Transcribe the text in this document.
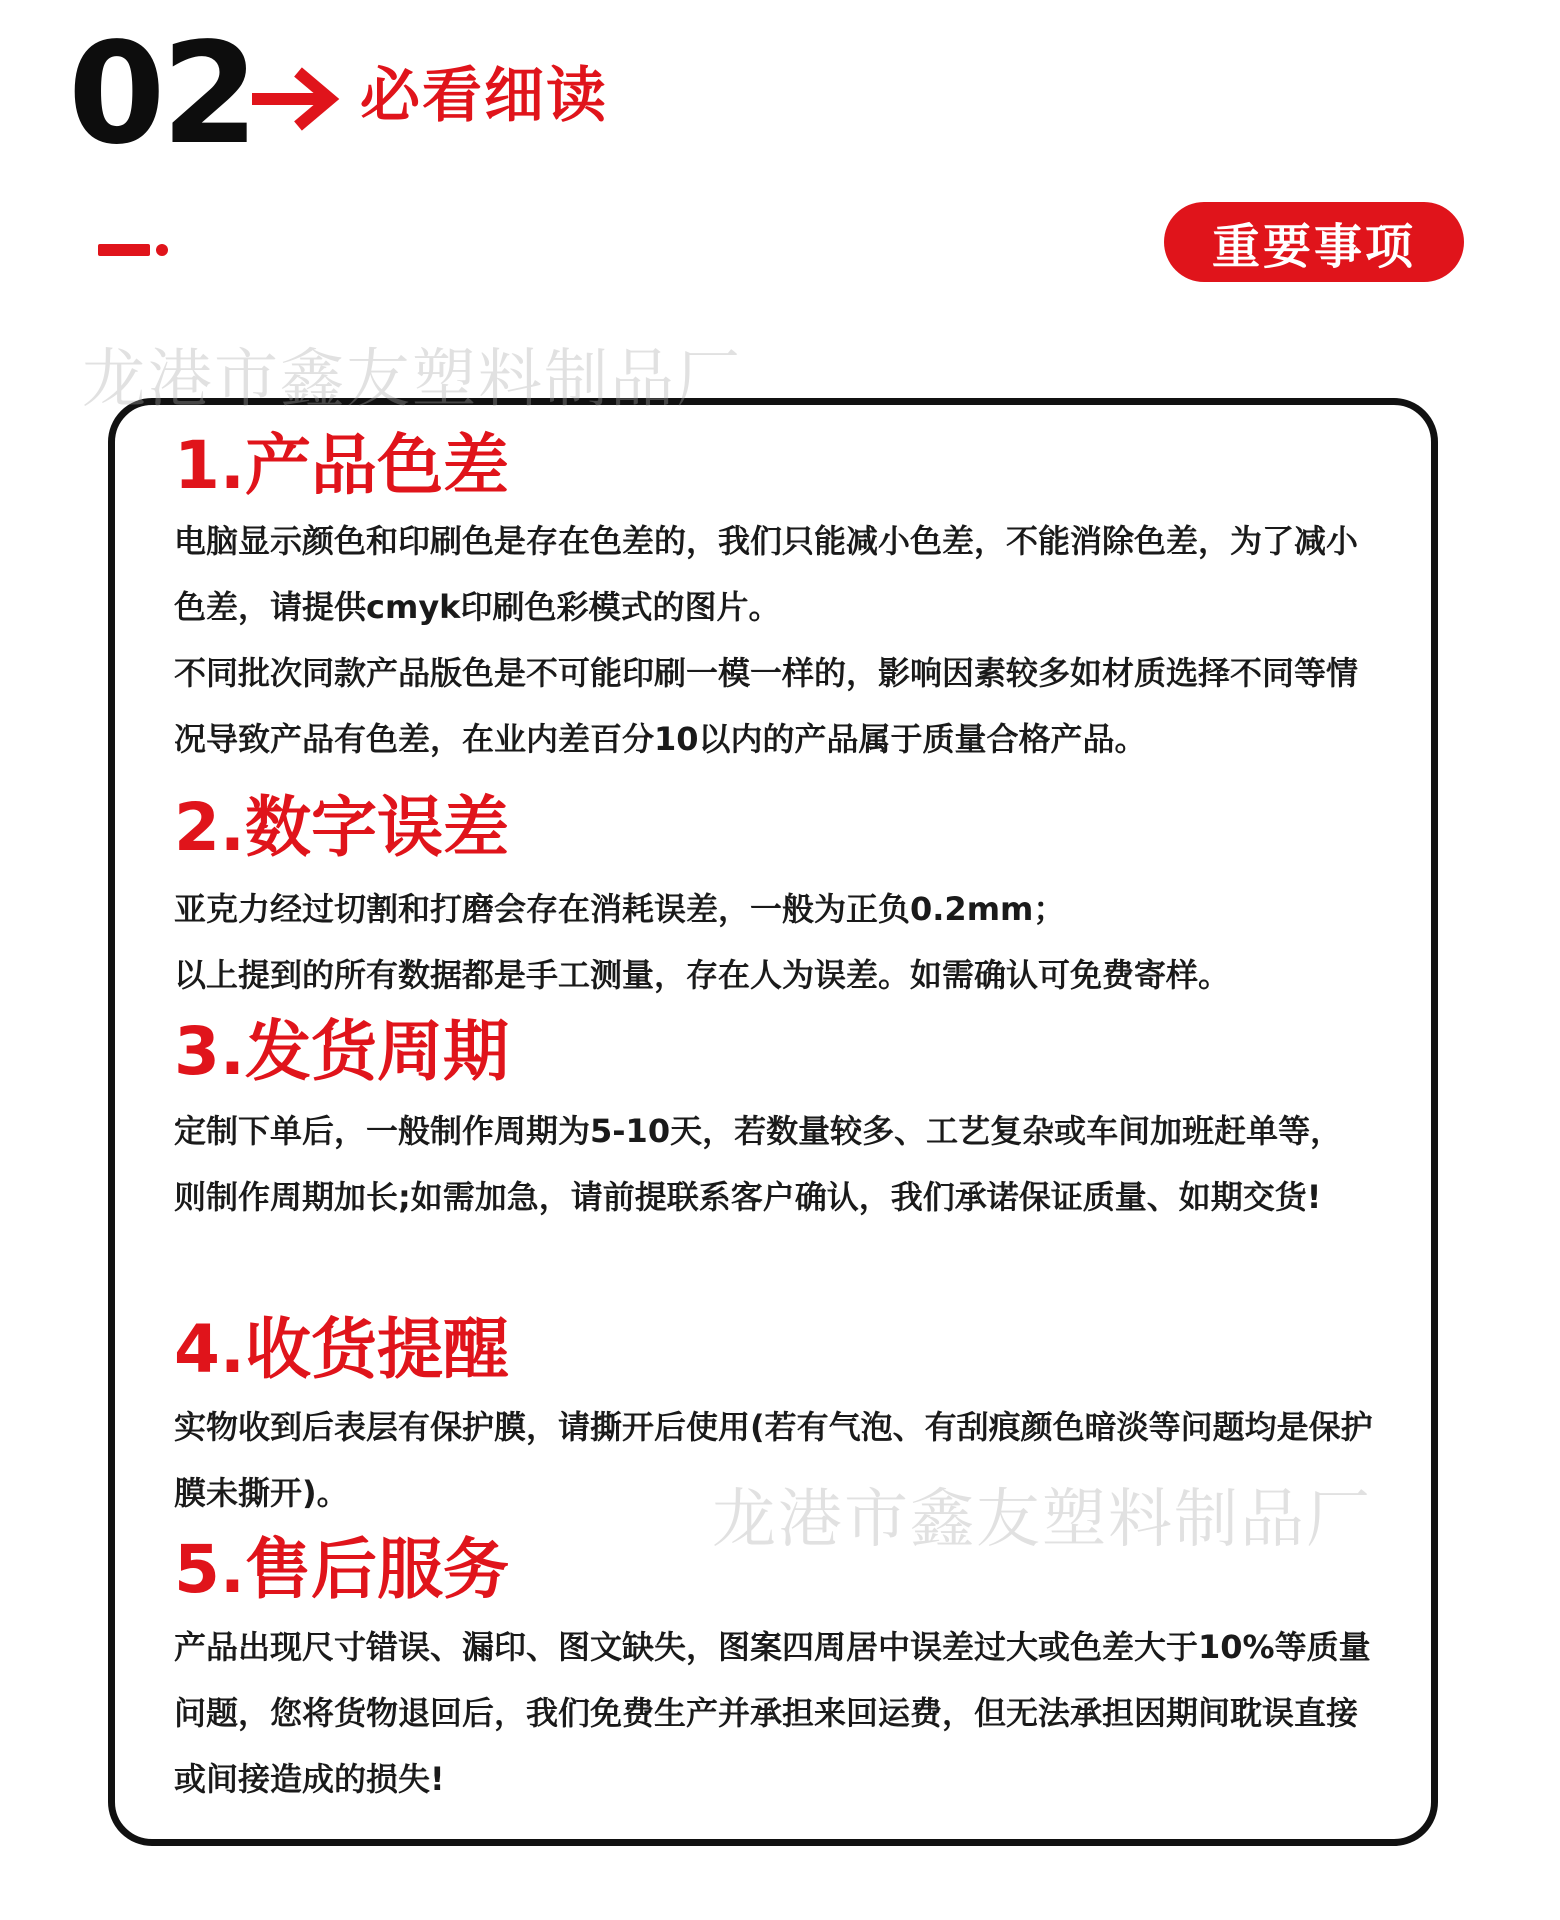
02 必看细读
重要事项
龙港市鑫友塑料制品厂
1.产品色差

电脑显示颜色和印刷色是存在色差的，我们只能减小色差，不能消除色差，为了减小色差，请提供cmyk印刷色彩模式的图片。

不同批次同款产品版色是不可能印刷一模一样的，影响因素较多如材质选择不同等情况导致产品有色差，在业内差百分10以内的产品属于质量合格产品。

2.数字误差

亚克力经过切割和打磨会存在消耗误差，一般为正负0.2mm；

以上提到的所有数据都是手工测量，存在人为误差。如需确认可免费寄样。

3.发货周期

定制下单后，一般制作周期为5-10天，若数量较多、工艺复杂或车间加班赶单等，则制作周期加长;如需加急，请前提联系客户确认，我们承诺保证质量、如期交货!

4.收货提醒

实物收到后表层有保护膜，请撕开后使用(若有气泡、有刮痕颜色暗淡等问题均是保护膜未撕开)。

5.售后服务

产品出现尺寸错误、漏印、图文缺失，图案四周居中误差过大或色差大于10%等质量问题，您将货物退回后，我们免费生产并承担来回运费，但无法承担因期间耽误直接或间接造成的损失!

龙港市鑫友塑料制品厂
